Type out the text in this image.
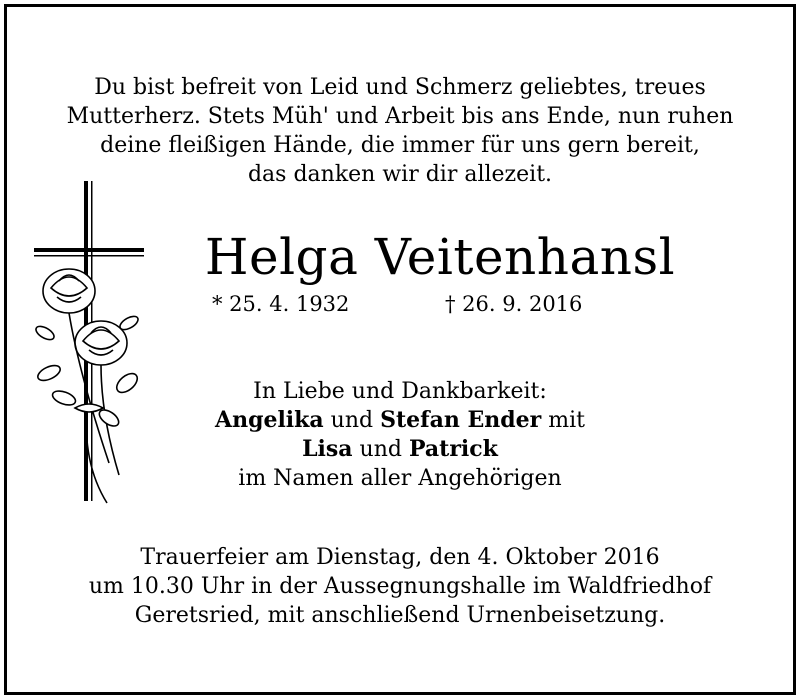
Du bist befreit von Leid und Schmerz geliebtes, treues
Mutterherz. Stets Müh' und Arbeit bis ans Ende, nun ruhen
deine fleißigen Hände, die immer für uns gern bereit,
das danken wir dir allezeit.
Helga Veitenhansl
* 25. 4. 1932	† 26. 9. 2016
In Liebe und Dankbarkeit:
Angelika und Stefan Ender mit
Lisa und Patrick
im Namen aller Angehörigen
Trauerfeier am Dienstag, den 4. Oktober 2016
um 10.30 Uhr in der Aussegnungshalle im Waldfriedhof
Geretsried, mit anschließend Urnenbeisetzung.
